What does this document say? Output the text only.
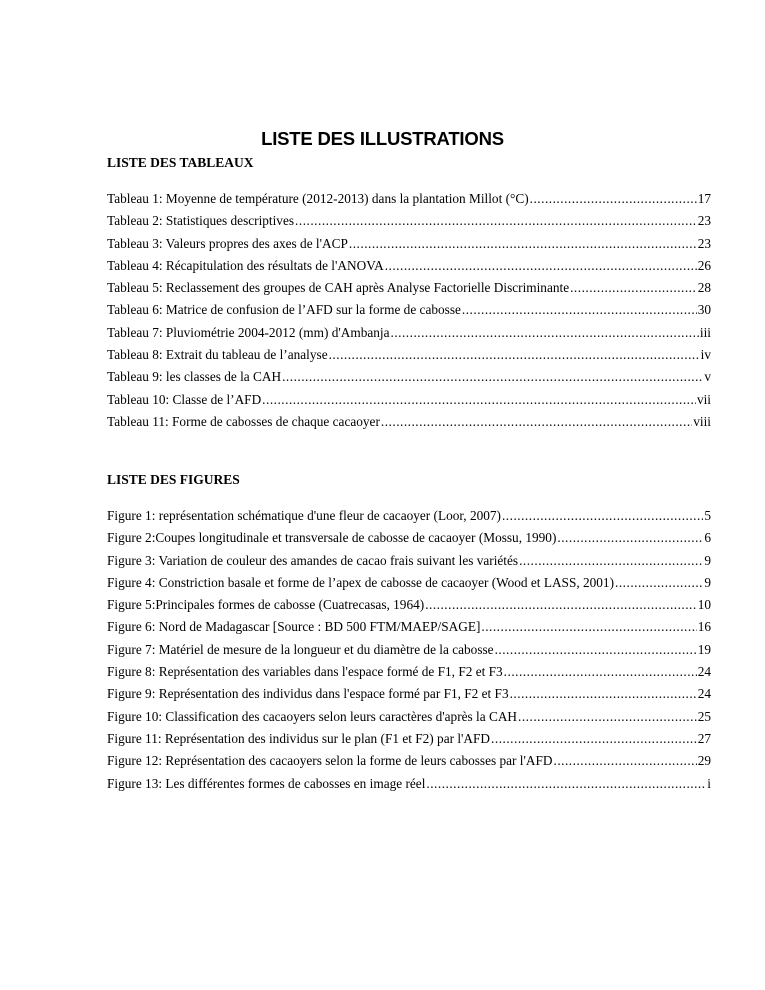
LISTE DES ILLUSTRATIONS
LISTE DES TABLEAUX
Tableau 1: Moyenne de température (2012-2013) dans la plantation Millot (°C) .....	17
Tableau 2: Statistiques descriptives .....	23
Tableau 3: Valeurs propres des axes de l'ACP .....	23
Tableau 4: Récapitulation des résultats de l'ANOVA .....	26
Tableau 5: Reclassement des groupes de CAH après Analyse Factorielle Discriminante .....	28
Tableau 6: Matrice de confusion de l’AFD sur la forme de cabosse .....	30
Tableau 7: Pluviométrie 2004-2012 (mm) d'Ambanja .....	iii
Tableau 8: Extrait du tableau de l’analyse .....	iv
Tableau 9: les classes de la CAH .....	v
Tableau 10: Classe de l’AFD .....	vii
Tableau 11: Forme de cabosses de chaque cacaoyer .....	viii
LISTE DES FIGURES
Figure 1: représentation schématique d'une fleur de cacaoyer (Loor, 2007) .....	5
Figure 2:Coupes longitudinale et transversale de cabosse de cacaoyer (Mossu, 1990) .....	6
Figure 3: Variation de couleur des amandes de cacao frais suivant les variétés .....	9
Figure 4: Constriction basale et forme de l’apex de cabosse de cacaoyer (Wood et LASS, 2001) .....	9
Figure 5:Principales formes de cabosse (Cuatrecasas, 1964) .....	10
Figure 6: Nord de Madagascar [Source : BD 500 FTM/MAEP/SAGE] .....	16
Figure 7: Matériel de mesure de la longueur et du diamètre de la cabosse .....	19
Figure 8: Représentation des variables dans l'espace formé de F1, F2 et F3 .....	24
Figure 9: Représentation des individus dans l'espace formé par F1, F2 et F3 .....	24
Figure 10: Classification des cacaoyers selon leurs caractères d'après la CAH .....	25
Figure 11: Représentation des individus sur le plan (F1 et F2) par l'AFD .....	27
Figure 12: Représentation des cacaoyers selon la forme de leurs cabosses par l'AFD .....	29
Figure 13: Les différentes formes de cabosses en image réel .....	i
